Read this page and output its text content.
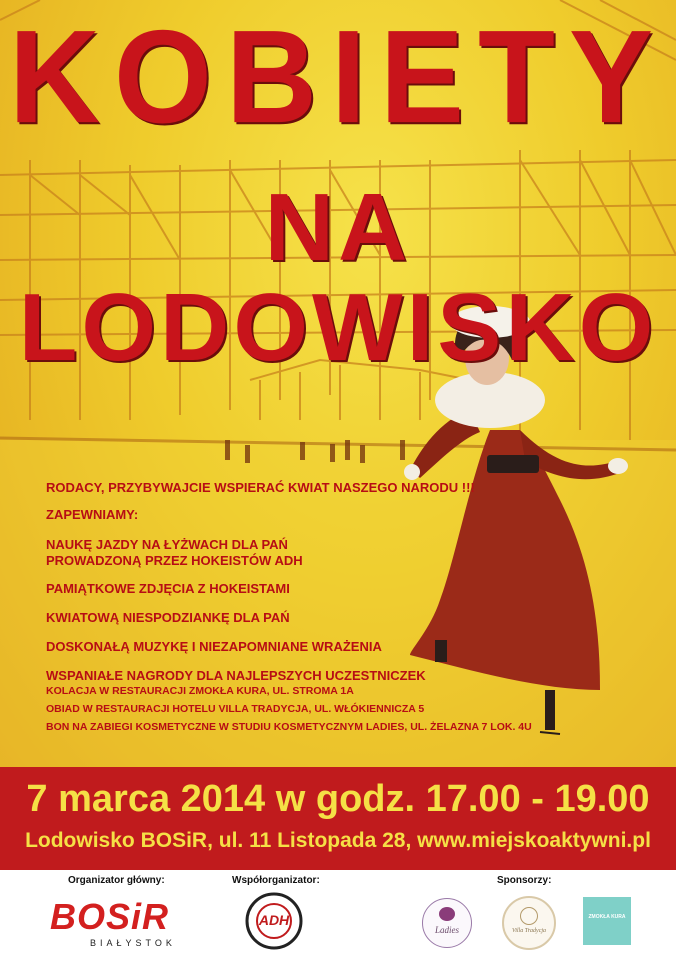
KOBIETY
NA LODOWISKO
RODACY, PRZYBYWAJCIE WSPIERAĆ KWIAT NASZEGO NARODU !!!
ZAPEWNIAMY:
NAUKĘ JAZDY NA ŁYŻWACH DLA PAŃ
PROWADZONĄ PRZEZ HOKEISTÓW ADH
PAMIĄTKOWE ZDJĘCIA Z HOKEISTAMI
KWIATOWĄ NIESPODZIANKĘ DLA PAŃ
DOSKONAŁĄ MUZYKĘ I NIEZAPOMNIANE WRAŻENIA
WSPANIAŁE NAGRODY DLA NAJLEPSZYCH UCZESTNICZEK
KOLACJA W RESTAURACJI ZMOKŁA KURA, UL. STROMA 1A
OBIAD W RESTAURACJI HOTELU VILLA TRADYCJA, UL. WŁÓKIENNICZA 5
BON NA ZABIEGI KOSMETYCZNE W STUDIU KOSMETYCZNYM LADIES, UL. ŻELAZNA 7 LOK. 4U
7 marca 2014 w godz. 17.00 - 19.00
Lodowisko BOSiR, ul. 11 Listopada 28, www.miejskoaktywni.pl
Organizator główny:	Współorganizator:	Sponsorzy:
BOSiR
BIAŁYSTOK
ADH
Ladies	Villa Tradycja
ZMOKŁA KURA
